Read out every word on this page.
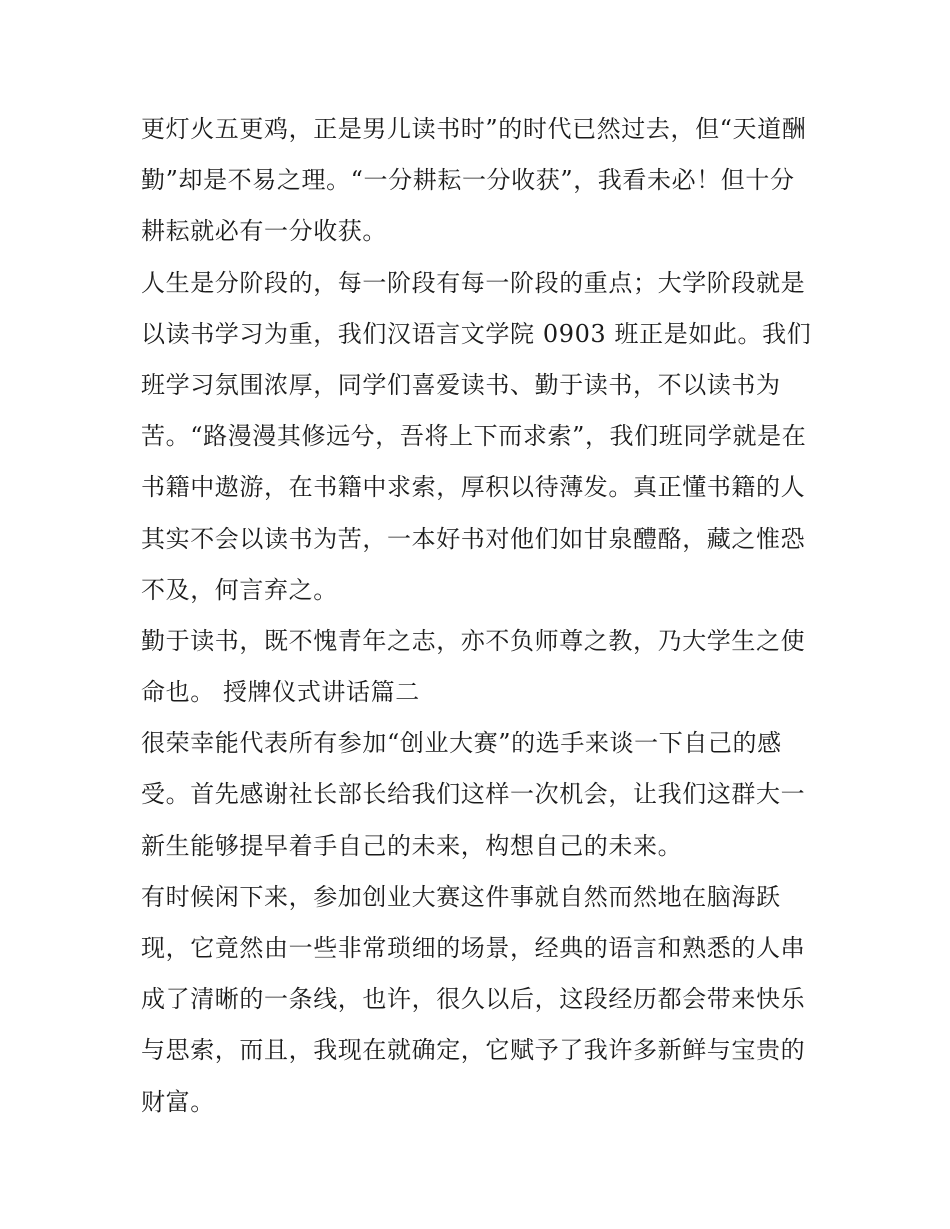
更灯火五更鸡，正是男儿读书时”的时代已然过去，但“天道酬
勤”却是不易之理。“一分耕耘一分收获”，我看未必！但十分
耕耘就必有一分收获。
人生是分阶段的，每一阶段有每一阶段的重点；大学阶段就是
以读书学习为重，我们汉语言文学院 0903 班正是如此。我们
班学习氛围浓厚，同学们喜爱读书、勤于读书，不以读书为
苦。“路漫漫其修远兮，吾将上下而求索”，我们班同学就是在
书籍中遨游，在书籍中求索，厚积以待薄发。真正懂书籍的人
其实不会以读书为苦，一本好书对他们如甘泉醴酪，藏之惟恐
不及，何言弃之。
勤于读书，既不愧青年之志，亦不负师尊之教，乃大学生之使
命也。 授牌仪式讲话篇二
很荣幸能代表所有参加“创业大赛”的选手来谈一下自己的感
受。首先感谢社长部长给我们这样一次机会，让我们这群大一
新生能够提早着手自己的未来，构想自己的未来。
有时候闲下来，参加创业大赛这件事就自然而然地在脑海跃
现，它竟然由一些非常琐细的场景，经典的语言和熟悉的人串
成了清晰的一条线，也许，很久以后，这段经历都会带来快乐
与思索，而且，我现在就确定，它赋予了我许多新鲜与宝贵的
财富。
